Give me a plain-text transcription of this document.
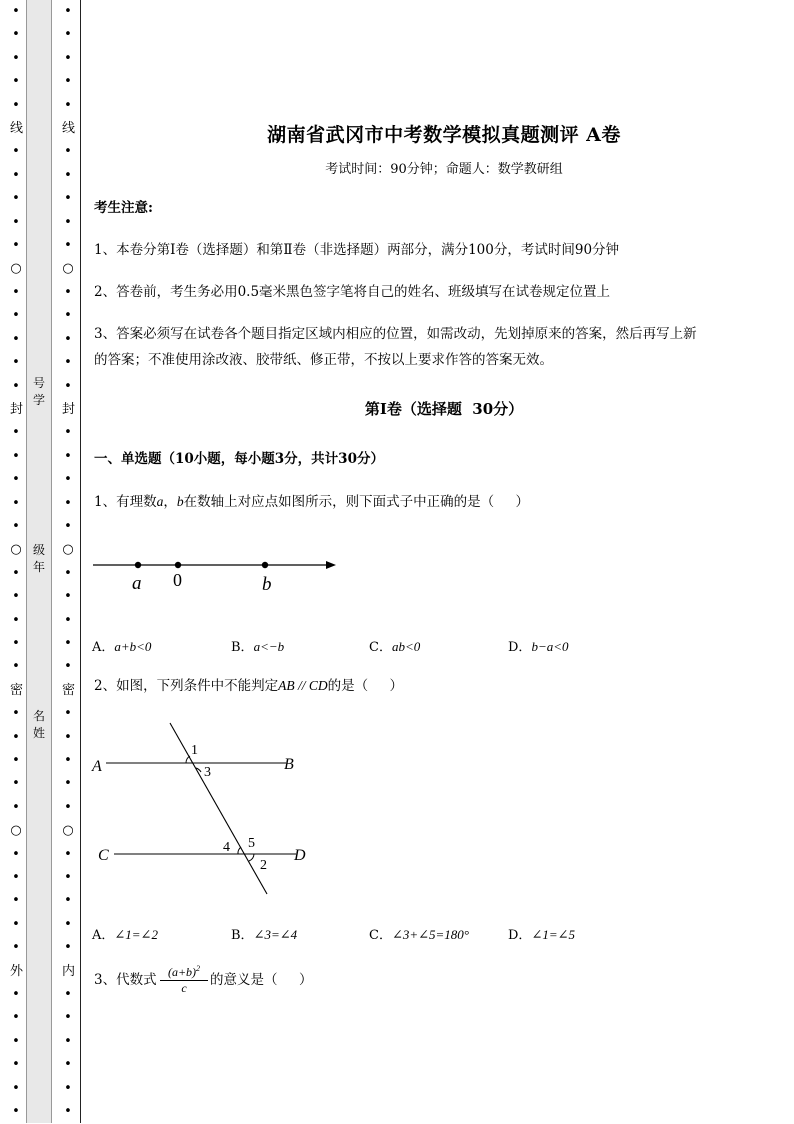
•
•
•
•
•
线
•
•
•
•
•
○
•
•
•
•
•
封
•
•
•
•
•
○
•
•
•
•
•
密
•
•
•
•
•
○
•
•
•
•
•
外
•
•
•
•
•
•
号
学
级
年
名
姓
•
•
•
•
•
线
•
•
•
•
•
○
•
•
•
•
•
封
•
•
•
•
•
○
•
•
•
•
•
密
•
•
•
•
•
○
•
•
•
•
•
内
•
•
•
•
•
•
湖南省武冈市中考数学模拟真题测评 A卷
考试时间：90分钟；命题人：数学教研组
考生注意:
1、本卷分第I卷（选择题）和第Ⅱ卷（非选择题）两部分，满分100分，考试时间90分钟
2、答卷前，考生务必用0.5毫米黑色签字笔将自己的姓名、班级填写在试卷规定位置上
3、答案必须写在试卷各个题目指定区域内相应的位置，如需改动，先划掉原来的答案，然后再写上新
的答案；不准使用涂改液、胶带纸、修正带，不按以上要求作答的答案无效。
第I卷（选择题  30分）
一、单选题（10小题，每小题3分，共计30分）
1、有理数a，b在数轴上对应点如图所示，则下面式子中正确的是（     ）
a 0	b
A．a+b<0	B．a<−b	C．ab<0	D．b−a<0
2、如图，下列条件中不能判定AB // CD的是（     ）
A	B
C	D
1
3
4 5
2
A．∠1=∠2	B．∠3=∠4	C．∠3+∠5=180°	D．∠1=∠5
3、代数式 $\frac{(a+b)^2}{c}$ 的意义是（     ）
